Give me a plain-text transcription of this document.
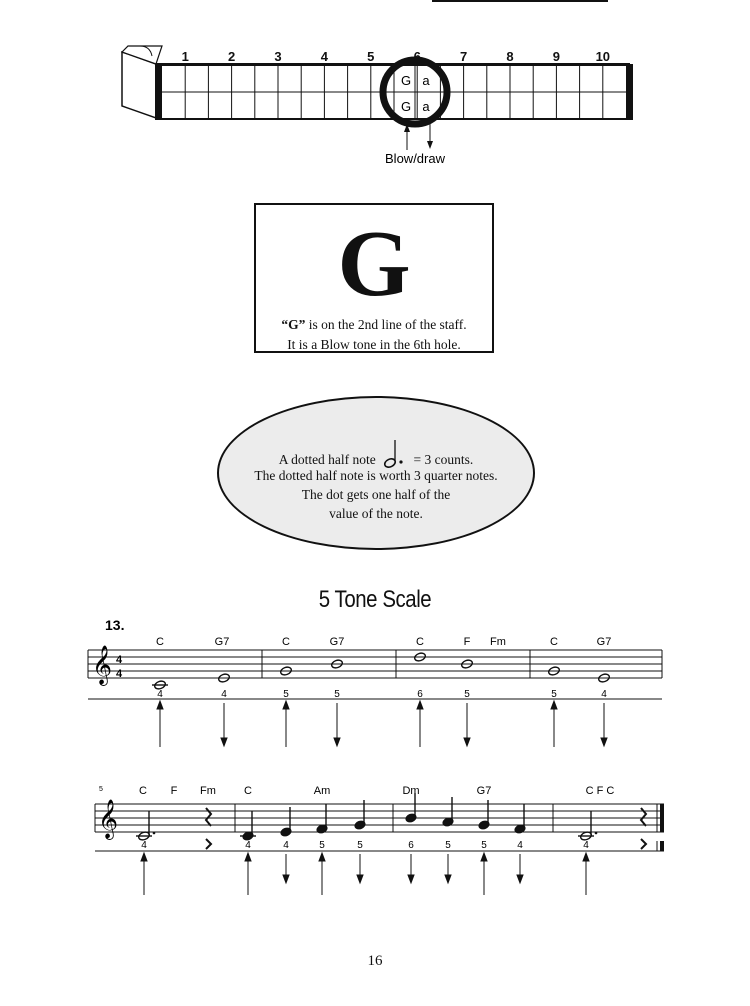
1	2	3	4	5	6	7	8	9	10
G a
G a
Blow/draw
G
“G” is on the 2nd line of the staff.
It is a Blow tone in the 6th hole.
A dotted half note	= 3 counts.
The dotted half note is worth 3 quarter notes.
The dot gets one half of the
value of the note.
5 Tone Scale
13.
𝄞 4
4
C	G7	C	G7	C	F Fm	C	G7
4	4	5	5	6	5	5	4
5
𝄞
C F Fm	C	Am	Dm	G7	C F C
4	4	4	5	5	6	5	5	4	4
16
